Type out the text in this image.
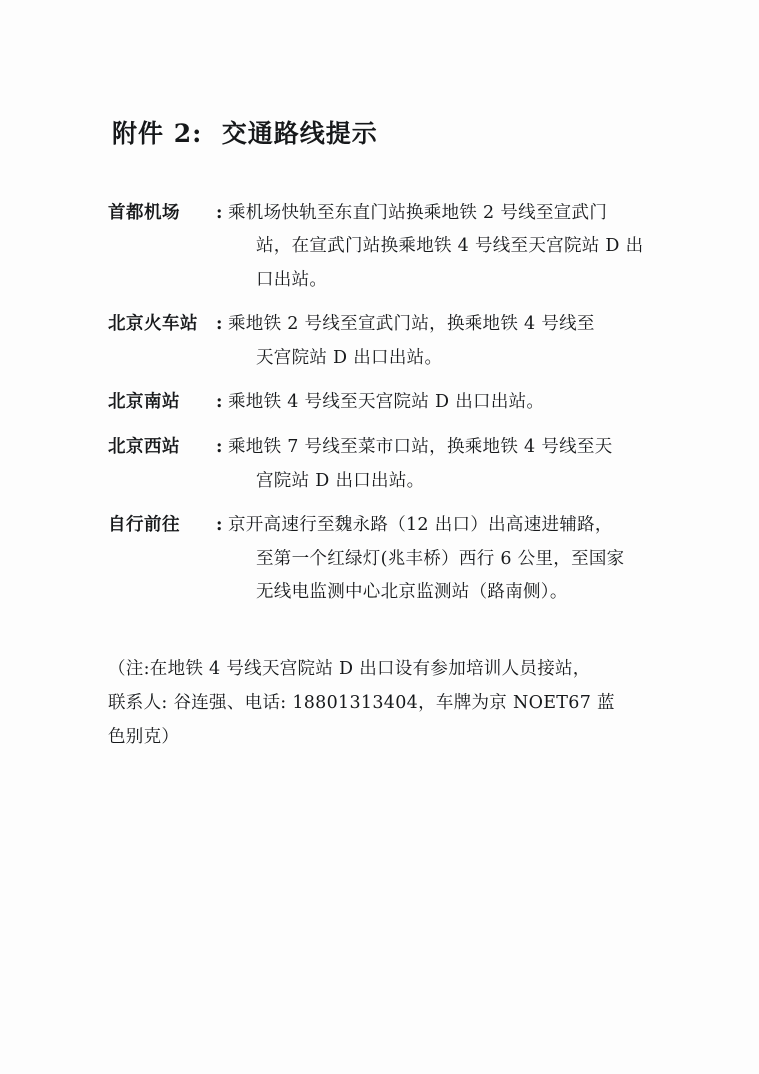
附件 2:  交通路线提示
首都机场	: 乘机场快轨至东直门站换乘地铁 2 号线至宣武门
站，在宣武门站换乘地铁 4 号线至天宫院站 D 出
口出站。
北京火车站	: 乘地铁 2 号线至宣武门站，换乘地铁 4 号线至
天宫院站 D 出口出站。
北京南站	: 乘地铁 4 号线至天宫院站 D 出口出站。
北京西站	: 乘地铁 7 号线至菜市口站，换乘地铁 4 号线至天
宫院站 D 出口出站。
自行前往	: 京开高速行至魏永路（12 出口）出高速进辅路，
至第一个红绿灯(兆丰桥）西行 6 公里，至国家
无线电监测中心北京监测站（路南侧）。

（注:在地铁 4 号线天宫院站 D 出口设有参加培训人员接站，

联系人: 谷连强、电话: 18801313404，车牌为京 NOET67 蓝

色别克）
